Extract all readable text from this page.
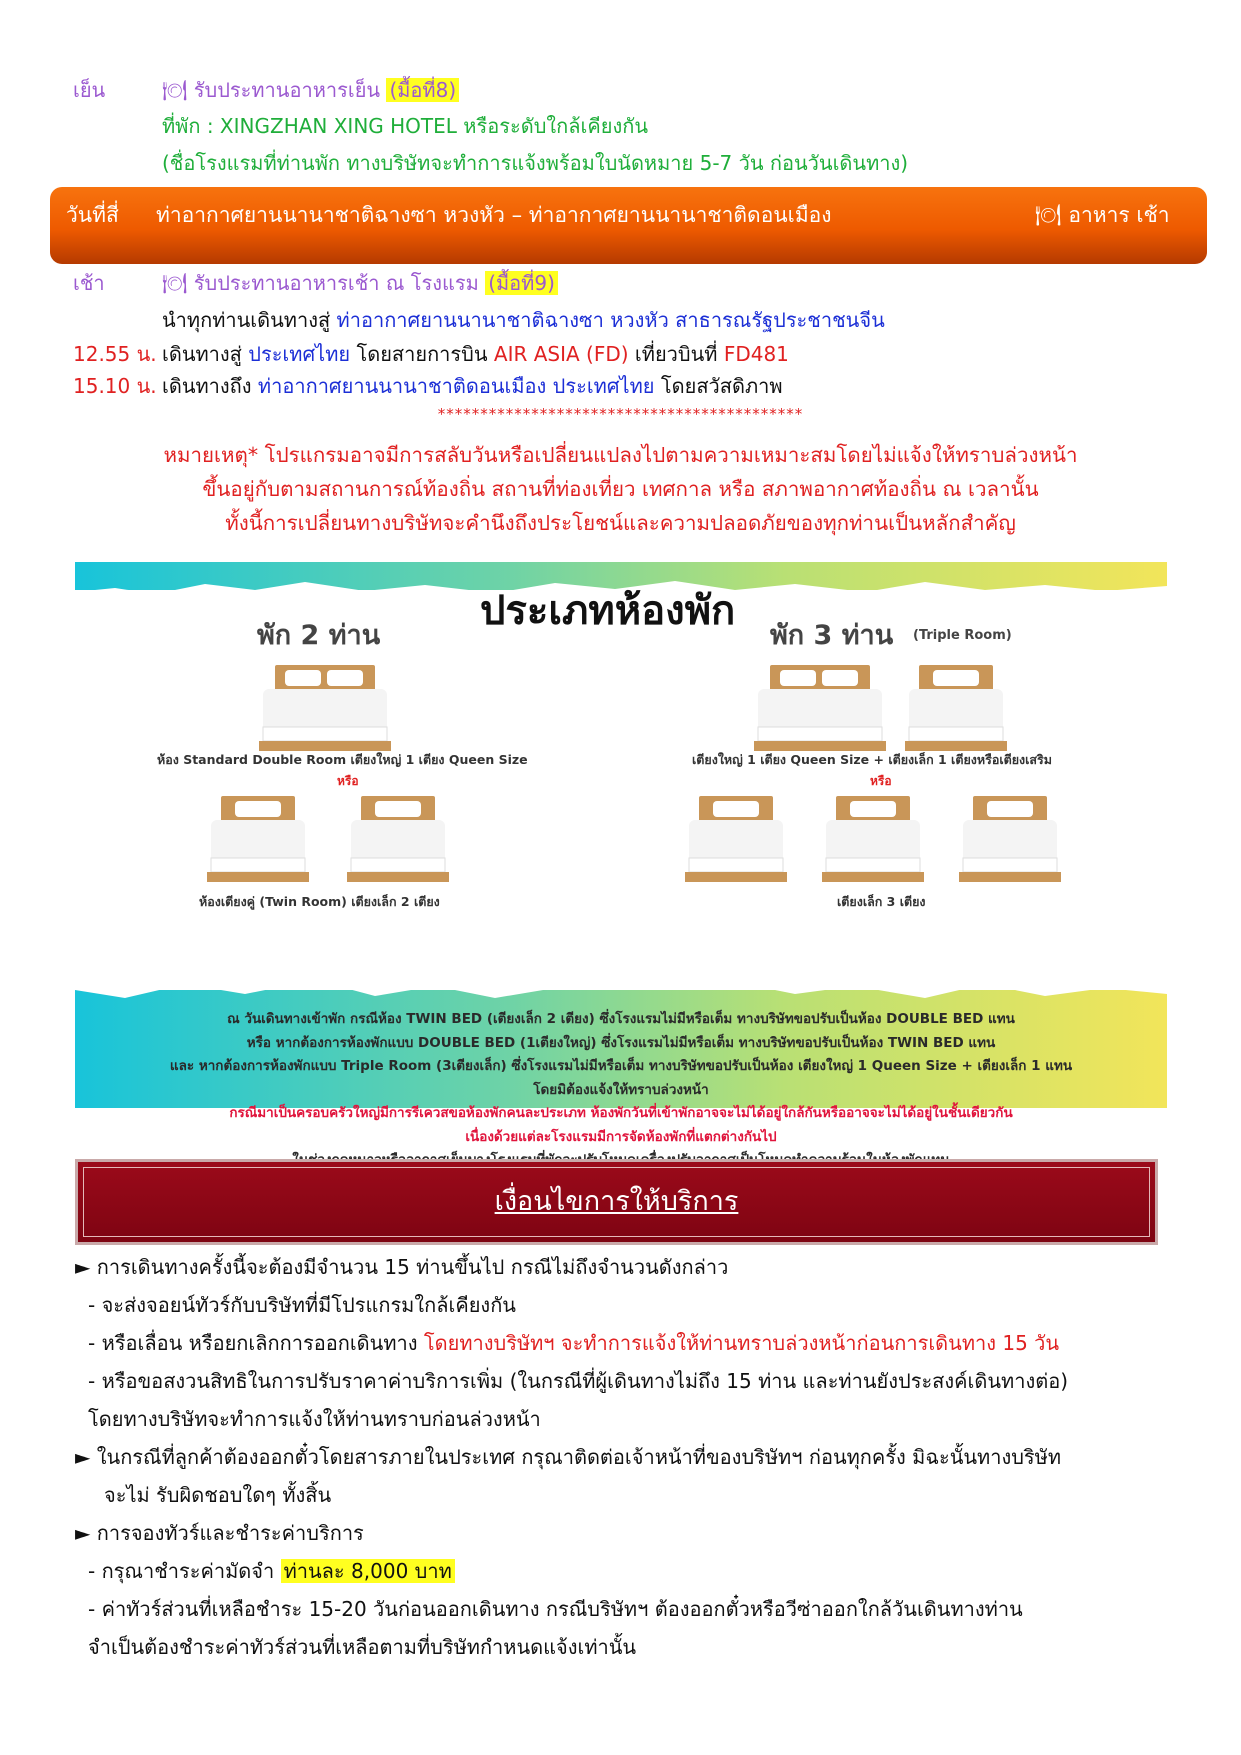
เย็น	🍽 รับประทานอาหารเย็น (มื้อที่8)
ที่พัก : XINGZHAN XING HOTEL หรือระดับใกล้เคียงกัน
(ชื่อโรงแรมที่ท่านพัก ทางบริษัทจะทำการแจ้งพร้อมใบนัดหมาย 5-7 วัน ก่อนวันเดินทาง)
วันที่สี่ ท่าอากาศยานนานาชาติฉางซา หวงหัว – ท่าอากาศยานนานาชาติดอนเมือง	🍽 อาหาร เช้า
เช้า	🍽 รับประทานอาหารเช้า ณ โรงแรม (มื้อที่9)
นำทุกท่านเดินทางสู่ ท่าอากาศยานนานาชาติฉางซา หวงหัว สาธารณรัฐประชาชนจีน
12.55 น. เดินทางสู่ ประเทศไทย โดยสายการบิน AIR ASIA (FD) เที่ยวบินที่ FD481
15.10 น. เดินทางถึง ท่าอากาศยานนานาชาติดอนเมือง ประเทศไทย โดยสวัสดิภาพ
*******************************************
หมายเหตุ* โปรแกรมอาจมีการสลับวันหรือเปลี่ยนแปลงไปตามความเหมาะสมโดยไม่แจ้งให้ทราบล่วงหน้า
ขึ้นอยู่กับตามสถานการณ์ท้องถิ่น สถานที่ท่องเที่ยว เทศกาล หรือ สภาพอากาศท้องถิ่น ณ เวลานั้น
ทั้งนี้การเปลี่ยนทางบริษัทจะคำนึงถึงประโยชน์และความปลอดภัยของทุกท่านเป็นหลักสำคัญ
ประเภทห้องพัก
พัก 2 ท่าน	พัก 3 ท่าน (Triple Room)
ห้อง Standard Double Room เตียงใหญ่ 1 เตียง Queen Size
หรือ
เตียงใหญ่ 1 เตียง Queen Size + เตียงเล็ก 1 เตียงหรือเตียงเสริม
หรือ
ห้องเตียงคู่ (Twin Room) เตียงเล็ก 2 เตียง	เตียงเล็ก 3 เตียง
ณ วันเดินทางเข้าพัก กรณีห้อง TWIN BED (เตียงเล็ก 2 เตียง) ซึ่งโรงแรมไม่มีหรือเต็ม ทางบริษัทขอปรับเป็นห้อง DOUBLE BED แทน
หรือ หากต้องการห้องพักแบบ DOUBLE BED (1เตียงใหญ่) ซึ่งโรงแรมไม่มีหรือเต็ม ทางบริษัทขอปรับเป็นห้อง TWIN BED แทน
และ หากต้องการห้องพักแบบ Triple Room (3เตียงเล็ก) ซึ่งโรงแรมไม่มีหรือเต็ม ทางบริษัทขอปรับเป็นห้อง เตียงใหญ่ 1 Queen Size + เตียงเล็ก 1 แทน
โดยมิต้องแจ้งให้ทราบล่วงหน้า
กรณีมาเป็นครอบครัวใหญ่มีการรีเควสขอห้องพักคนละประเภท ห้องพักวันที่เข้าพักอาจจะไม่ได้อยู่ใกล้กันหรืออาจจะไม่ได้อยู่ในชั้นเดียวกัน
เนื่องด้วยแต่ละโรงแรมมีการจัดห้องพักที่แตกต่างกันไป
เงื่อนไขการให้บริการ
► การเดินทางครั้งนี้จะต้องมีจำนวน 15 ท่านขึ้นไป กรณีไม่ถึงจำนวนดังกล่าว
- จะส่งจอยน์ทัวร์กับบริษัทที่มีโปรแกรมใกล้เคียงกัน
- หรือเลื่อน หรือยกเลิกการออกเดินทาง โดยทางบริษัทฯ จะทำการแจ้งให้ท่านทราบล่วงหน้าก่อนการเดินทาง 15 วัน
- หรือขอสงวนสิทธิในการปรับราคาค่าบริการเพิ่ม (ในกรณีที่ผู้เดินทางไม่ถึง 15 ท่าน และท่านยังประสงค์เดินทางต่อ)
โดยทางบริษัทจะทำการแจ้งให้ท่านทราบก่อนล่วงหน้า
► ในกรณีที่ลูกค้าต้องออกตั๋วโดยสารภายในประเทศ กรุณาติดต่อเจ้าหน้าที่ของบริษัทฯ ก่อนทุกครั้ง มิฉะนั้นทางบริษัท
จะไม่ รับผิดชอบใดๆ ทั้งสิ้น
► การจองทัวร์และชำระค่าบริการ
- กรุณาชำระค่ามัดจำ ท่านละ 8,000 บาท
- ค่าทัวร์ส่วนที่เหลือชำระ 15-20 วันก่อนออกเดินทาง กรณีบริษัทฯ ต้องออกตั๋วหรือวีซ่าออกใกล้วันเดินทางท่าน
จำเป็นต้องชำระค่าทัวร์ส่วนที่เหลือตามที่บริษัทกำหนดแจ้งเท่านั้น
